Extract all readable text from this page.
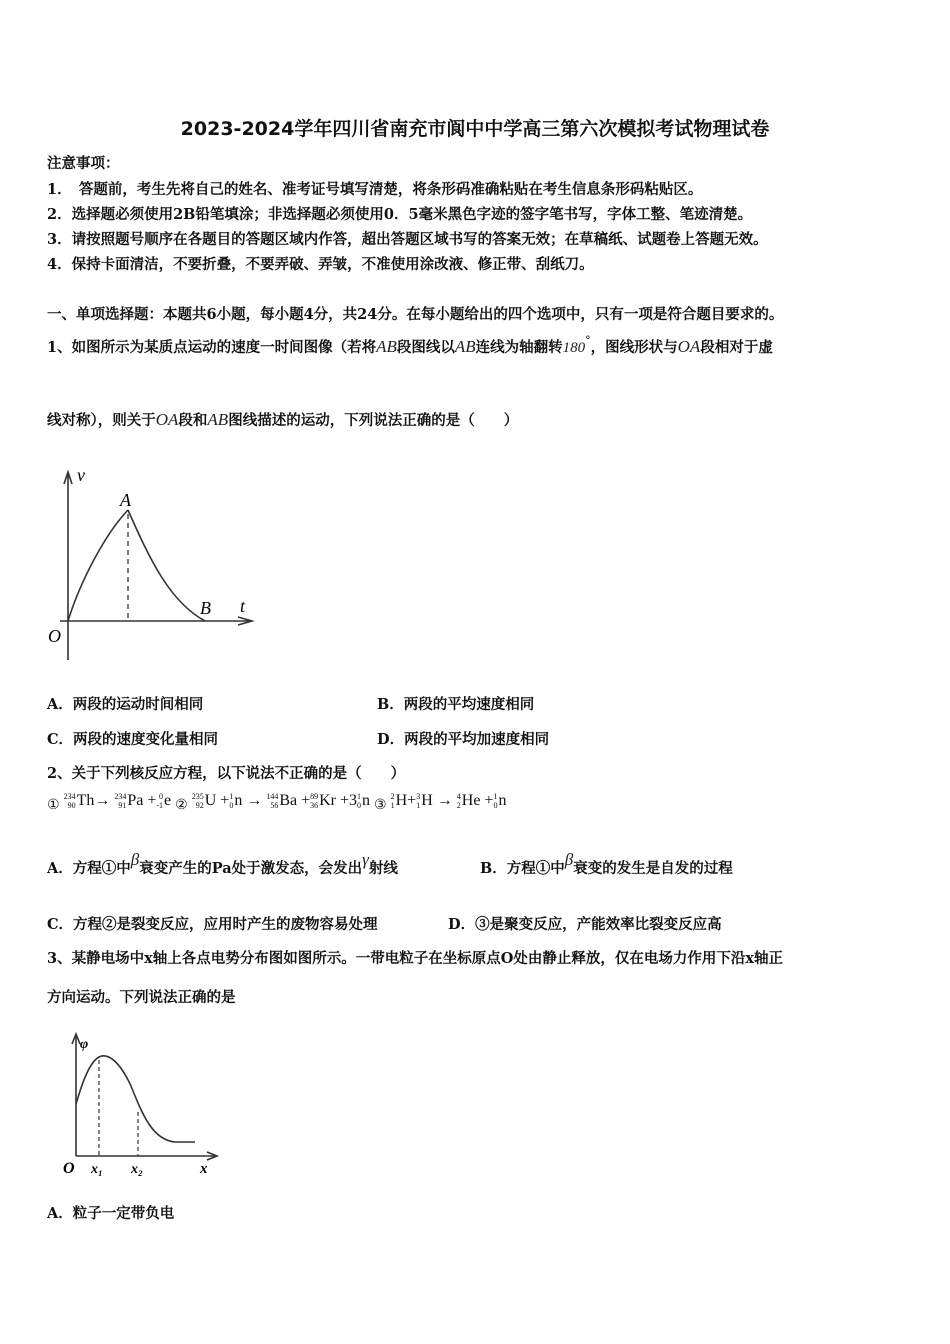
2023-2024学年四川省南充市阆中中学高三第六次模拟考试物理试卷
注意事项：
1．　答题前，考生先将自己的姓名、准考证号填写清楚，将条形码准确粘贴在考生信息条形码粘贴区。
2．选择题必须使用2B铅笔填涂；非选择题必须使用0．5毫米黑色字迹的签字笔书写，字体工整、笔迹清楚。
3．请按照题号顺序在各题目的答题区域内作答，超出答题区域书写的答案无效；在草稿纸、试题卷上答题无效。
4．保持卡面清洁，不要折叠，不要弄破、弄皱，不准使用涂改液、修正带、刮纸刀。
一、单项选择题：本题共6小题，每小题4分，共24分。在每小题给出的四个选项中，只有一项是符合题目要求的。
1、如图所示为某质点运动的速度一时间图像（若将AB段图线以AB连线为轴翻转180°，图线形状与OA段相对于虚
线对称），则关于OA段和AB图线描述的运动，下列说法正确的是（　　）
v
t
A
B
O
A．两段的运动时间相同	B．两段的平均速度相同
C．两段的速度变化量相同	D．两段的平均加速度相同
2、关于下列核反应方程，以下说法不正确的是（　　）
①
234
90 Th→ 234
91 Pa + 0
-1 e ②
235
92 U + 1
0 n → 144
56 Ba + 89
36 Kr +3 1
0 n ③
2
1 H+ 3
1 H → 4
2 He + 1
0 n
A．方程①中β衰变产生的Pa处于激发态，会发出γ射线	B．方程①中β衰变的发生是自发的过程
C．方程②是裂变反应，应用时产生的废物容易处理	D．③是聚变反应，产能效率比裂变反应高
3、某静电场中x轴上各点电势分布图如图所示。一带电粒子在坐标原点O处由静止释放，仅在电场力作用下沿x轴正
方向运动。下列说法正确的是
φ
O x₁ x₂	x
A．粒子一定带负电
